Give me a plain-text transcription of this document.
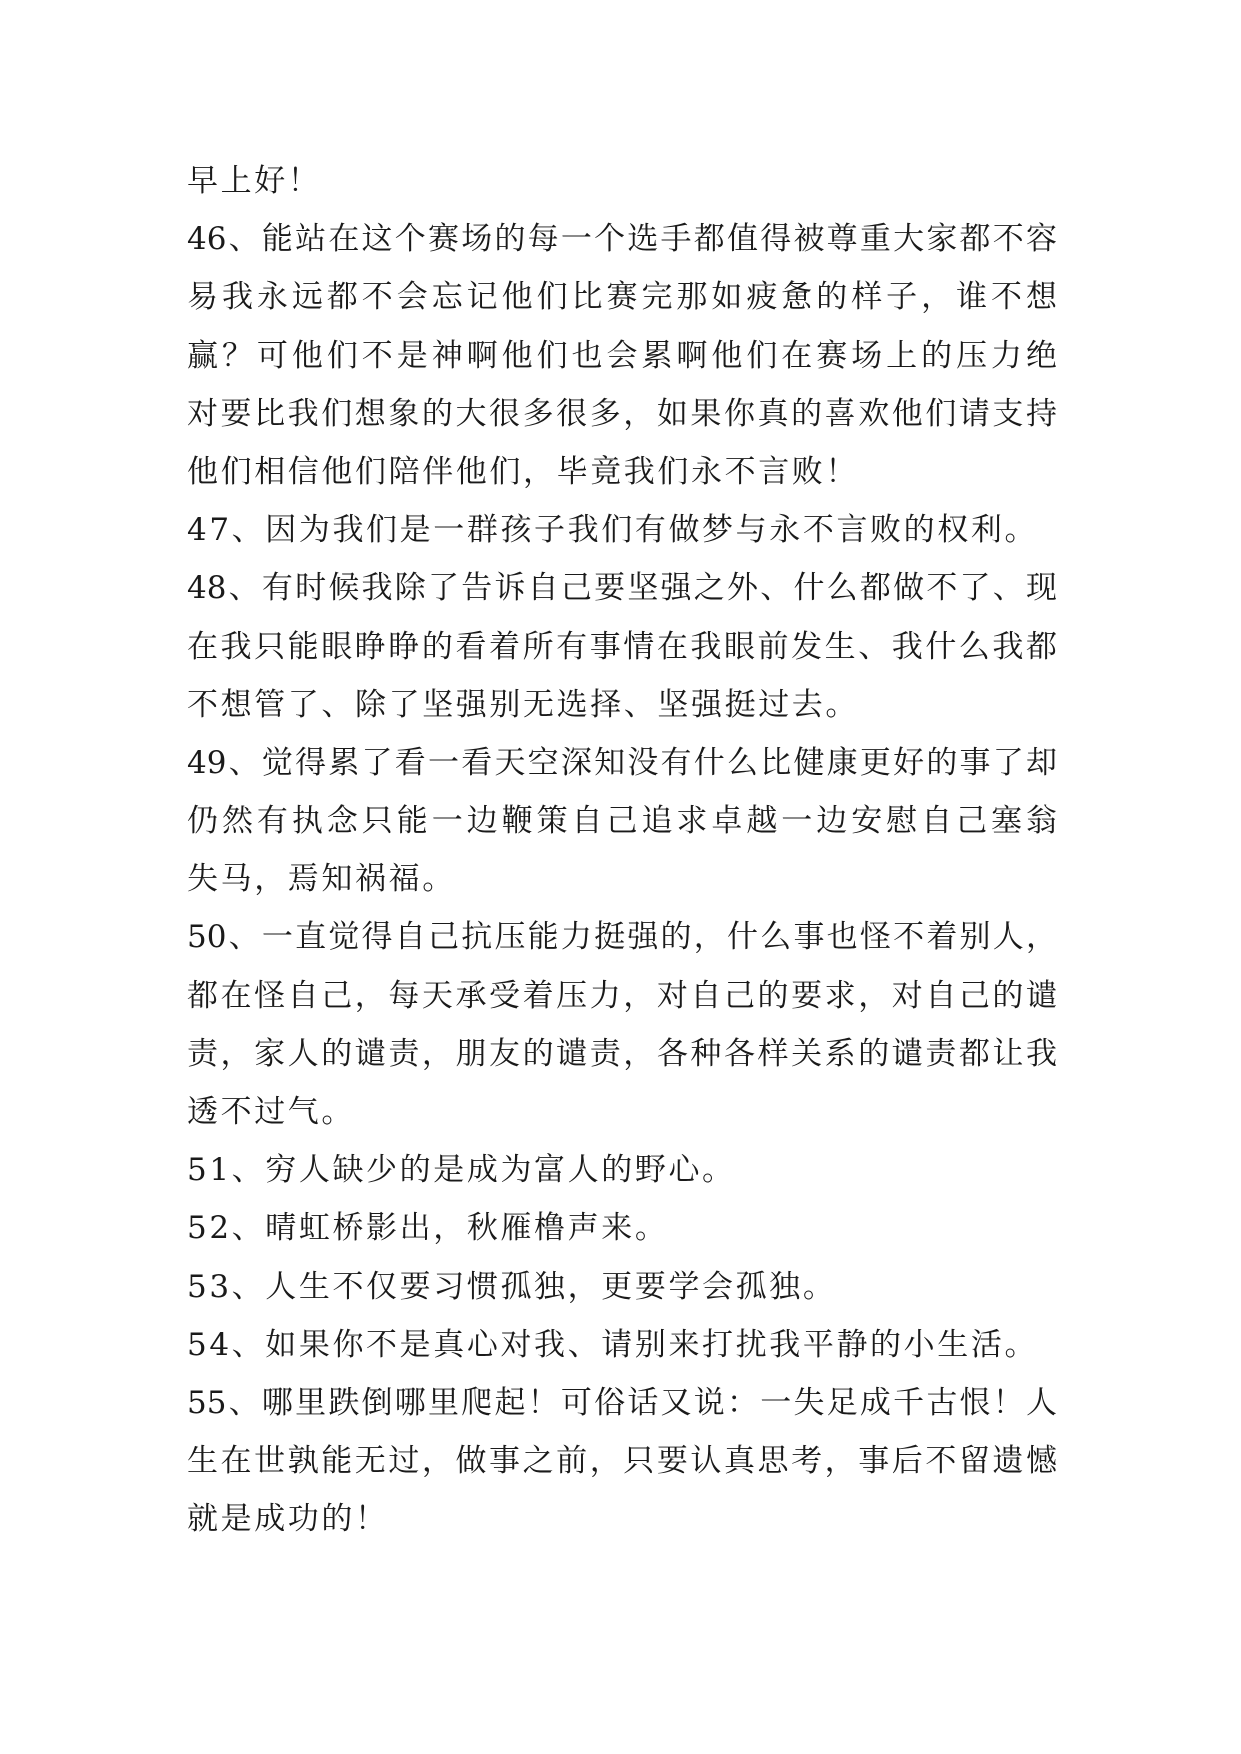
早上好！
46、能站在这个赛场的每一个选手都值得被尊重大家都不容
易我永远都不会忘记他们比赛完那如疲惫的样子，谁不想
赢？可他们不是神啊他们也会累啊他们在赛场上的压力绝
对要比我们想象的大很多很多，如果你真的喜欢他们请支持
他们相信他们陪伴他们，毕竟我们永不言败！
47、因为我们是一群孩子我们有做梦与永不言败的权利。
48、有时候我除了告诉自己要坚强之外、什么都做不了、现
在我只能眼睁睁的看着所有事情在我眼前发生、我什么我都
不想管了、除了坚强别无选择、坚强挺过去。
49、觉得累了看一看天空深知没有什么比健康更好的事了却
仍然有执念只能一边鞭策自己追求卓越一边安慰自己塞翁
失马，焉知祸福。
50、一直觉得自己抗压能力挺强的，什么事也怪不着别人，
都在怪自己，每天承受着压力，对自己的要求，对自己的谴
责，家人的谴责，朋友的谴责，各种各样关系的谴责都让我
透不过气。
51、穷人缺少的是成为富人的野心。
52、晴虹桥影出，秋雁橹声来。
53、人生不仅要习惯孤独，更要学会孤独。
54、如果你不是真心对我、请别来打扰我平静的小生活。
55、哪里跌倒哪里爬起！可俗话又说：一失足成千古恨！人
生在世孰能无过，做事之前，只要认真思考，事后不留遗憾
就是成功的！
